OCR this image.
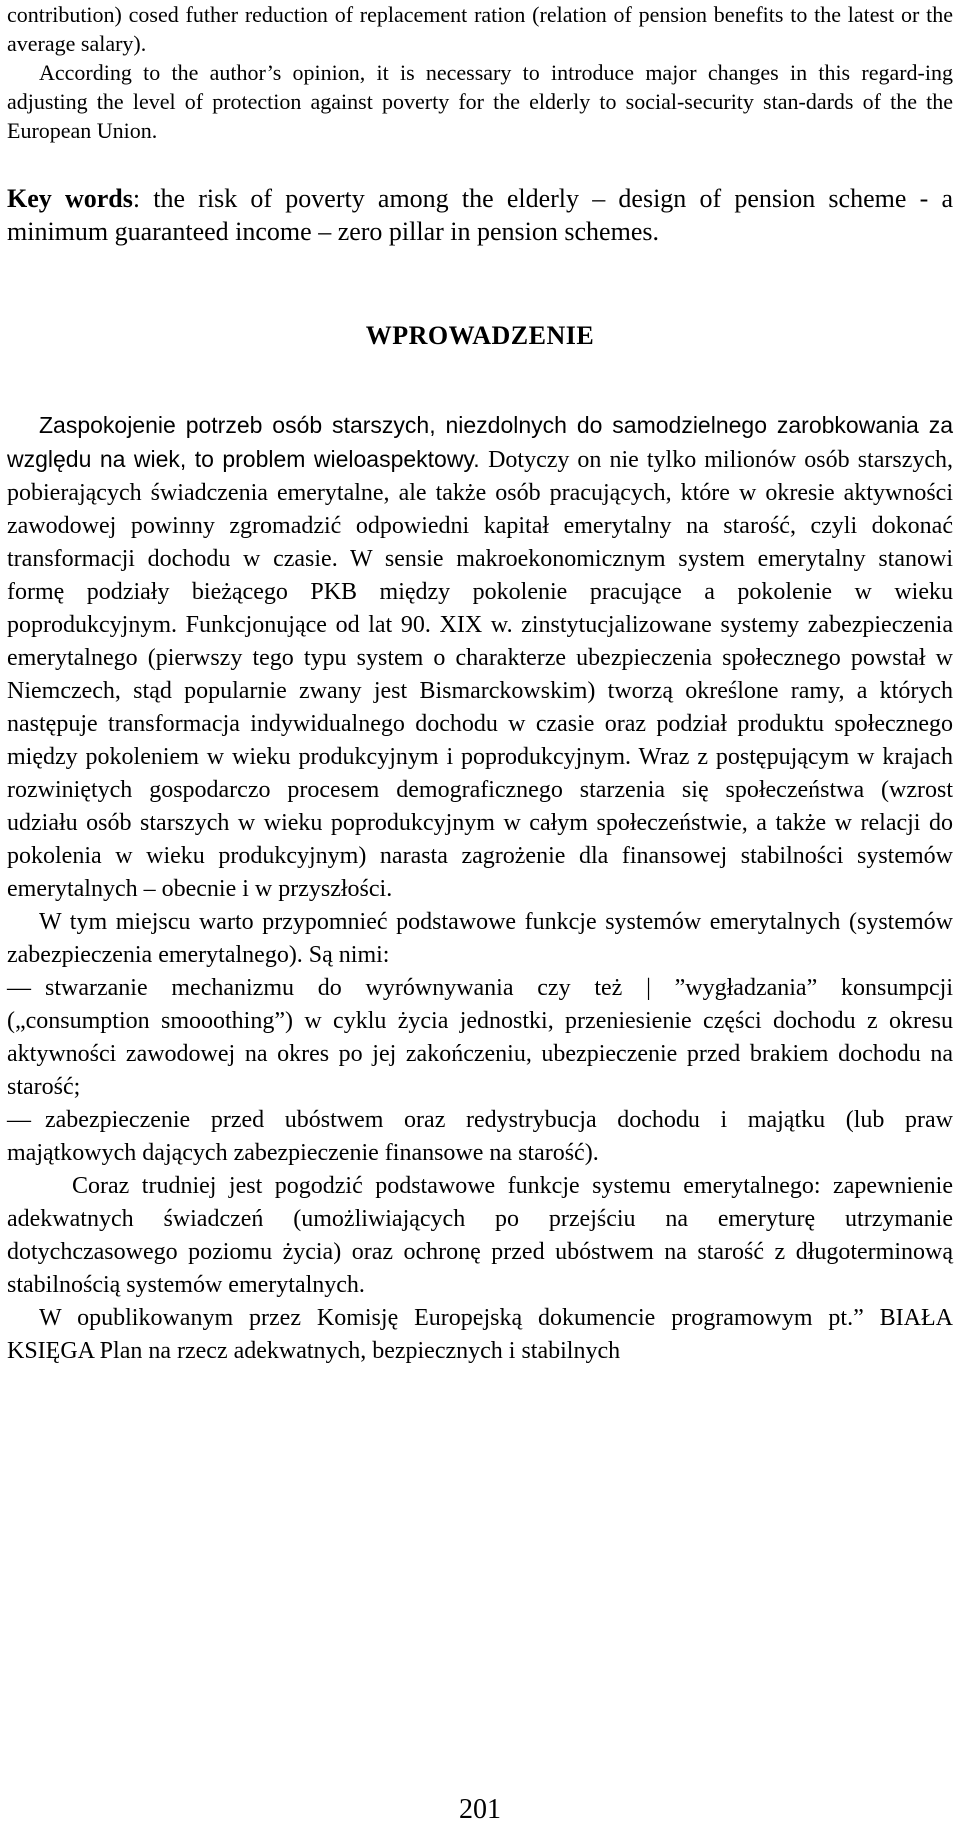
contribution) cosed futher reduction of replacement ration (relation of pension benefits to the latest or the average salary).

According to the author’s opinion, it is necessary to introduce major changes in this regard-ing adjusting the level of protection against poverty for the elderly to social-security stan-dards of the the European Union.

Key words: the risk of poverty among the elderly – design of pension scheme - a minimum guaranteed income – zero pillar in pension schemes.

WPROWADZENIE

Zaspokojenie potrzeb osób starszych, niezdolnych do samodzielnego zarobkowania za względu na wiek, to problem wieloaspektowy. Dotyczy on nie tylko milionów osób starszych, pobierających świadczenia emerytalne, ale także osób pracujących, które w okresie aktywności zawodowej powinny zgromadzić odpowiedni kapitał emerytalny na starość, czyli dokonać transformacji dochodu w czasie. W sensie makroekonomicznym system emerytalny stanowi formę podziały bieżącego PKB między pokolenie pracujące a pokolenie w wieku poprodukcyjnym. Funkcjonujące od lat 90. XIX w. zinstytucjalizowane systemy zabezpieczenia emerytalnego (pierwszy tego typu system o charakterze ubezpieczenia społecznego powstał w Niemczech, stąd popularnie zwany jest Bismarckowskim) tworzą określone ramy, a których następuje transformacja indywidualnego dochodu w czasie oraz podział produktu społecznego między pokoleniem w wieku produkcyjnym i poprodukcyjnym. Wraz z postępującym w krajach rozwiniętych gospodarczo procesem demograficznego starzenia się społeczeństwa (wzrost udziału osób starszych w wieku poprodukcyjnym w całym społeczeństwie, a także w relacji do pokolenia w wieku produkcyjnym) narasta zagrożenie dla finansowej stabilności systemów emerytalnych – obecnie i w przyszłości.

W tym miejscu warto przypomnieć podstawowe funkcje systemów emerytalnych (systemów zabezpieczenia emerytalnego). Są nimi:

— stwarzanie mechanizmu do wyrównywania czy też | ”wygładzania” konsumpcji („consumption smooothing”) w cyklu życia jednostki, przeniesienie części dochodu z okresu aktywności zawodowej na okres po jej zakończeniu, ubezpieczenie przed brakiem dochodu na starość;

— zabezpieczenie przed ubóstwem oraz redystrybucja dochodu i majątku (lub praw majątkowych dających zabezpieczenie finansowe na starość).

Coraz trudniej jest pogodzić podstawowe funkcje systemu emerytalnego: zapewnienie adekwatnych świadczeń (umożliwiających po przejściu na emeryturę utrzymanie dotychczasowego poziomu życia) oraz ochronę przed ubóstwem na starość z długoterminową stabilnością systemów emerytalnych.

W opublikowanym przez Komisję Europejską dokumencie programowym pt.” BIAŁA KSIĘGA Plan na rzecz adekwatnych, bezpiecznych i stabilnych

201
